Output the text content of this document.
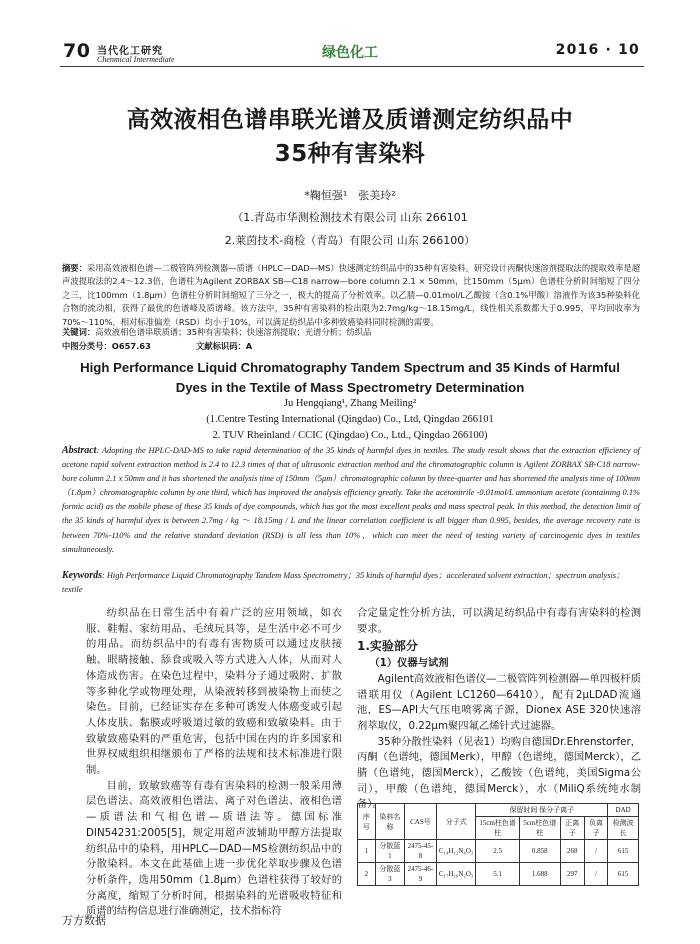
70 当代化工研究
Chenmical Intermediate	绿色化工	2016 · 10
高效液相色谱串联光谱及质谱测定纺织品中
35种有害染料
*鞠恒强¹　张美玲²
（1.青岛市华测检测技术有限公司 山东 266101
2.莱茵技术-商检（青岛）有限公司 山东 266100）
摘要：采用高效液相色谱—二极管阵列检测器—质谱（HPLC—DAD—MS）快速测定纺织品中的35种有害染料。研究设计丙酮快速溶剂提取法的提取效率是超声波提取法的2.4～12.3倍，色谱柱为Agilent ZORBAX SB—C18 narrow—bore column 2.1 × 50mm，比150mm（5μm）色谱柱分析时间缩短了四分之三，比100mm（1.8μm）色谱柱分析时间缩短了三分之一，极大的提高了分析效率。以乙腈—0.01mol/L乙酸铵（含0.1%甲酸）溶液作为该35种染料化合物的流动相，获得了最优的色谱峰及质谱峰。该方法中，35种有害染料的检出限为2.7mg/kg～18.15mg/L，线性相关系数都大于0.995，平均回收率为70%～110%，相对标准偏差（RSD）均小于10%，可以满足纺织品中多种致癌染料同时检测的需要。
关键词：高效液相色谱串联质谱；35种有害染料；快速溶剂提取；光谱分析；纺织品
中图分类号：O657.63	文献标识码：A
High Performance Liquid Chromatography Tandem Spectrum and 35 Kinds of Harmful
Dyes in the Textile of Mass Spectrometry Determination
Ju Hengqiang¹, Zhang Meiling²
(1.Centre Testing International (Qingdao) Co., Ltd, Qingdao 266101
2. TUV Rheinland / CCIC (Qingdao) Co., Ltd., Qingdao 266100)
Abstract: Adopting the HPLC-DAD-MS to take rapid determination of the 35 kinds of harmful dyes in textiles. The study result shows that the extraction efficiency of acetone rapid solvent extraction method is 2.4 to 12.3 times of that of ultrasonic extraction method and the chromatographic column is Agilent ZORBAX SB-C18 narrow-bore column 2.1 x 50mm and it has shortened the analysis time of 150mm（5μm）chromatographic column by three-quarter and has shortened the analysis time of 100mm（1.8μm）chromatographic column by one third, which has improved the analysis efficiency greatly. Take the acetonitrile -0.01mol/L ammonium acetate (containing 0.1% formic acid) as the mobile phase of these 35 kinds of dye compounds, which has got the most excellent peaks and mass spectral peak. In this method, the detection limit of the 35 kinds of harmful dyes is between 2.7mg / kg ～ 18.15mg / L and the linear correlation coefficient is all bigger than 0.995, besides, the average recovery rate is between 70%-110% and the relative standard deviation (RSD) is all less than 10%，which can meet the need of testing variety of carcinogenic dyes in textiles simultaneously.
Keywords: High Performance Liquid Chromatography Tandem Mass Spectrometry；35 kinds of harmful dyes；accelerated solvent extraction；spectrum analysis；textile

纺织品在日常生活中有着广泛的应用领域，如衣服、鞋帽、家纺用品、毛绒玩具等，是生活中必不可少的用品。而纺织品中的有毒有害物质可以通过皮肤接触、眼睛接触、舔食或吸入等方式进入人体，从而对人体造成伤害。在染色过程中，染料分子通过吸附、扩散等多种化学或物理处理，从染液转移到被染物上而使之染色。目前，已经证实存在多种可诱发人体癌变或引起人体皮肤、黏膜或呼吸道过敏的致癌和致敏染料。由于致敏致癌染料的严重危害，包括中国在内的许多国家和世界权威组织相继颁布了严格的法规和技术标准进行限制。

目前，致敏致癌等有毒有害染料的检测一般采用薄层色谱法、高效液相色谱法、离子对色谱法、液相色谱—质谱法和气相色谱—质谱法等。德国标准DIN54231:2005[5]，规定用超声波辅助甲醇方法提取纺织品中的染料，用HPLC—DAD—MS检测纺织品中的分散染料。本文在此基础上进一步优化萃取步骤及色谱分析条件，选用50mm（1.8μm）色谱柱获得了较好的分离度，缩短了分析时间，根据染料的光谱吸收特征和质谱的结构信息进行准确测定，技术指标符

合定量定性分析方法，可以满足纺织品中有毒有害染料的检测要求。
1.实验部分
（1）仪器与试剂

Agilent高效液相色谱仪—二极管阵列检测器—单四极杆质谱联用仪（Agilent LC1260—6410），配有2μLDAD流通池，ES—API大气压电喷雾离子源，Dionex ASE 320快速溶剂萃取仪，0.22μm聚四氟乙烯针式过滤器。

35种分散性染料（见表1）均购自德国Dr.Ehrenstorfer，丙酮（色谱纯，德国Merk），甲醇（色谱纯，德国Merck），乙腈（色谱纯，德国Merck），乙酸铵（色谱纯，美国Sigma公司），甲酸（色谱纯，德国Merck），水（MiliQ系统纯水制备）。

序号	染料名称	CAS号	分子式	保留时间 保分子离子				DAD
				15cm柱色谱柱	5cm柱色谱柱	正离子	负离子	检测波长
1	分散蓝1	2475-45-8	C₁₄H₁₂N₄O₂	2.5	0.858	268	/	615
2	分散蓝3	2475-46-9	C₁₇H₁₆N₂O₃	5.1	1.688	297	/	615
万方数据
